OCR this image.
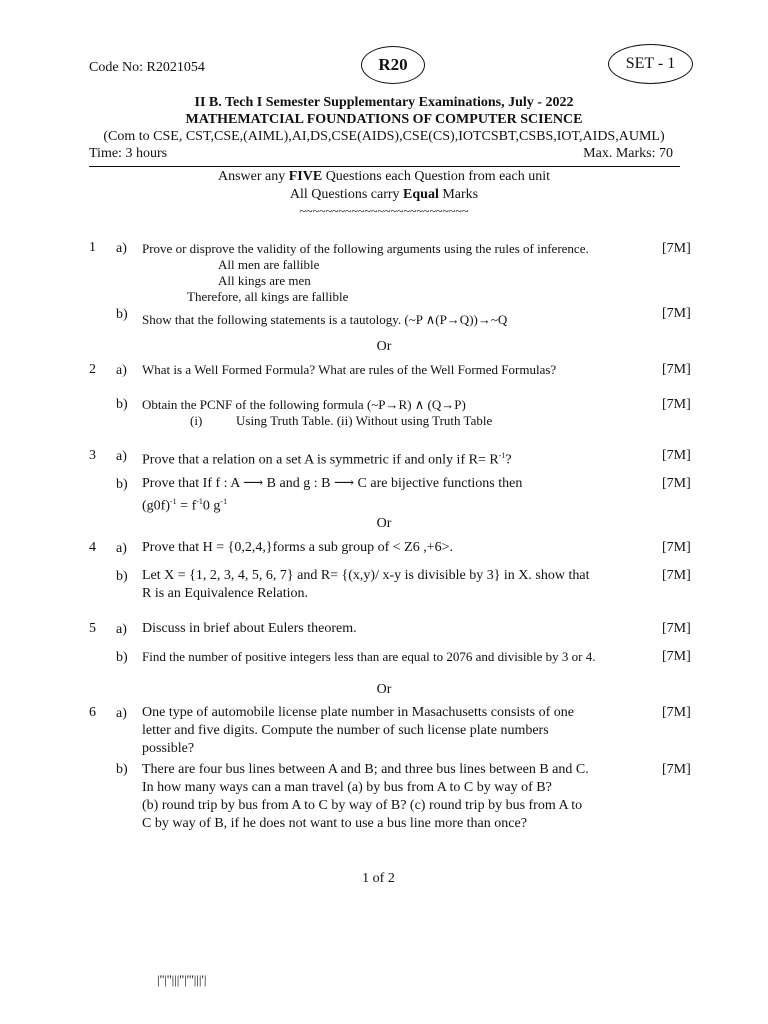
Code No: R2021054	R20	SET - 1
II B. Tech I Semester Supplementary Examinations, July - 2022
MATHEMATCIAL FOUNDATIONS OF COMPUTER SCIENCE
(Com to CSE, CST,CSE,(AIML),AI,DS,CSE(AIDS),CSE(CS),IOTCSBT,CSBS,IOT,AIDS,AUML)
Time: 3 hours	Max. Marks: 70
Answer any FIVE Questions each Question from each unit
All Questions carry Equal Marks
~~~~~~~~~~~~~~~~~~~~~~~~~~
1 a) Prove or disprove the validity of the following arguments using the rules of inference.
All men are fallible
All kings are men
Therefore, all kings are fallible
[7M]
b) Show that the following statements is a tautology. (~P ∧(P→Q))→~Q	[7M]
Or
2 a) What is a Well Formed Formula? What are rules of the Well Formed Formulas?	[7M]
b) Obtain the PCNF of the following formula (~P→R) ∧ (Q→P)
(i)	Using Truth Table. (ii) Without using Truth Table
[7M]
3 a) Prove that a relation on a set A is symmetric if and only if $R= R^{-1}$?	[7M]
b) Prove that If f : A ⟶ B and g : B ⟶ C are bijective functions then
$(g0f)^{-1} = f^{-1}0$ $g^{-1}$
[7M]
Or
4 a) Prove that H = {0,2,4,}forms a sub group of < Z6 ,+6>.	[7M]
b) Let X = {1, 2, 3, 4, 5, 6, 7} and R= {(x,y)/ x-y is divisible by 3} in X. show that
R is an Equivalence Relation.
[7M]
5 a) Discuss in brief about Eulers theorem.	[7M]
b) Find the number of positive integers less than are equal to 2076 and divisible by 3 or 4.	[7M]
Or
6 a) One type of automobile license plate number in Masachusetts consists of one
letter and five digits. Compute the number of such license plate numbers
possible?
[7M]
b) There are four bus lines between A and B; and three bus lines between B and C.
In how many ways can a man travel (a) by bus from A to C by way of B?
(b) round trip by bus from A to C by way of B? (c) round trip by bus from A to
C by way of B, if he does not want to use a bus line more than once?
[7M]
1 of 2
|''|''|||''|'''|||'|
